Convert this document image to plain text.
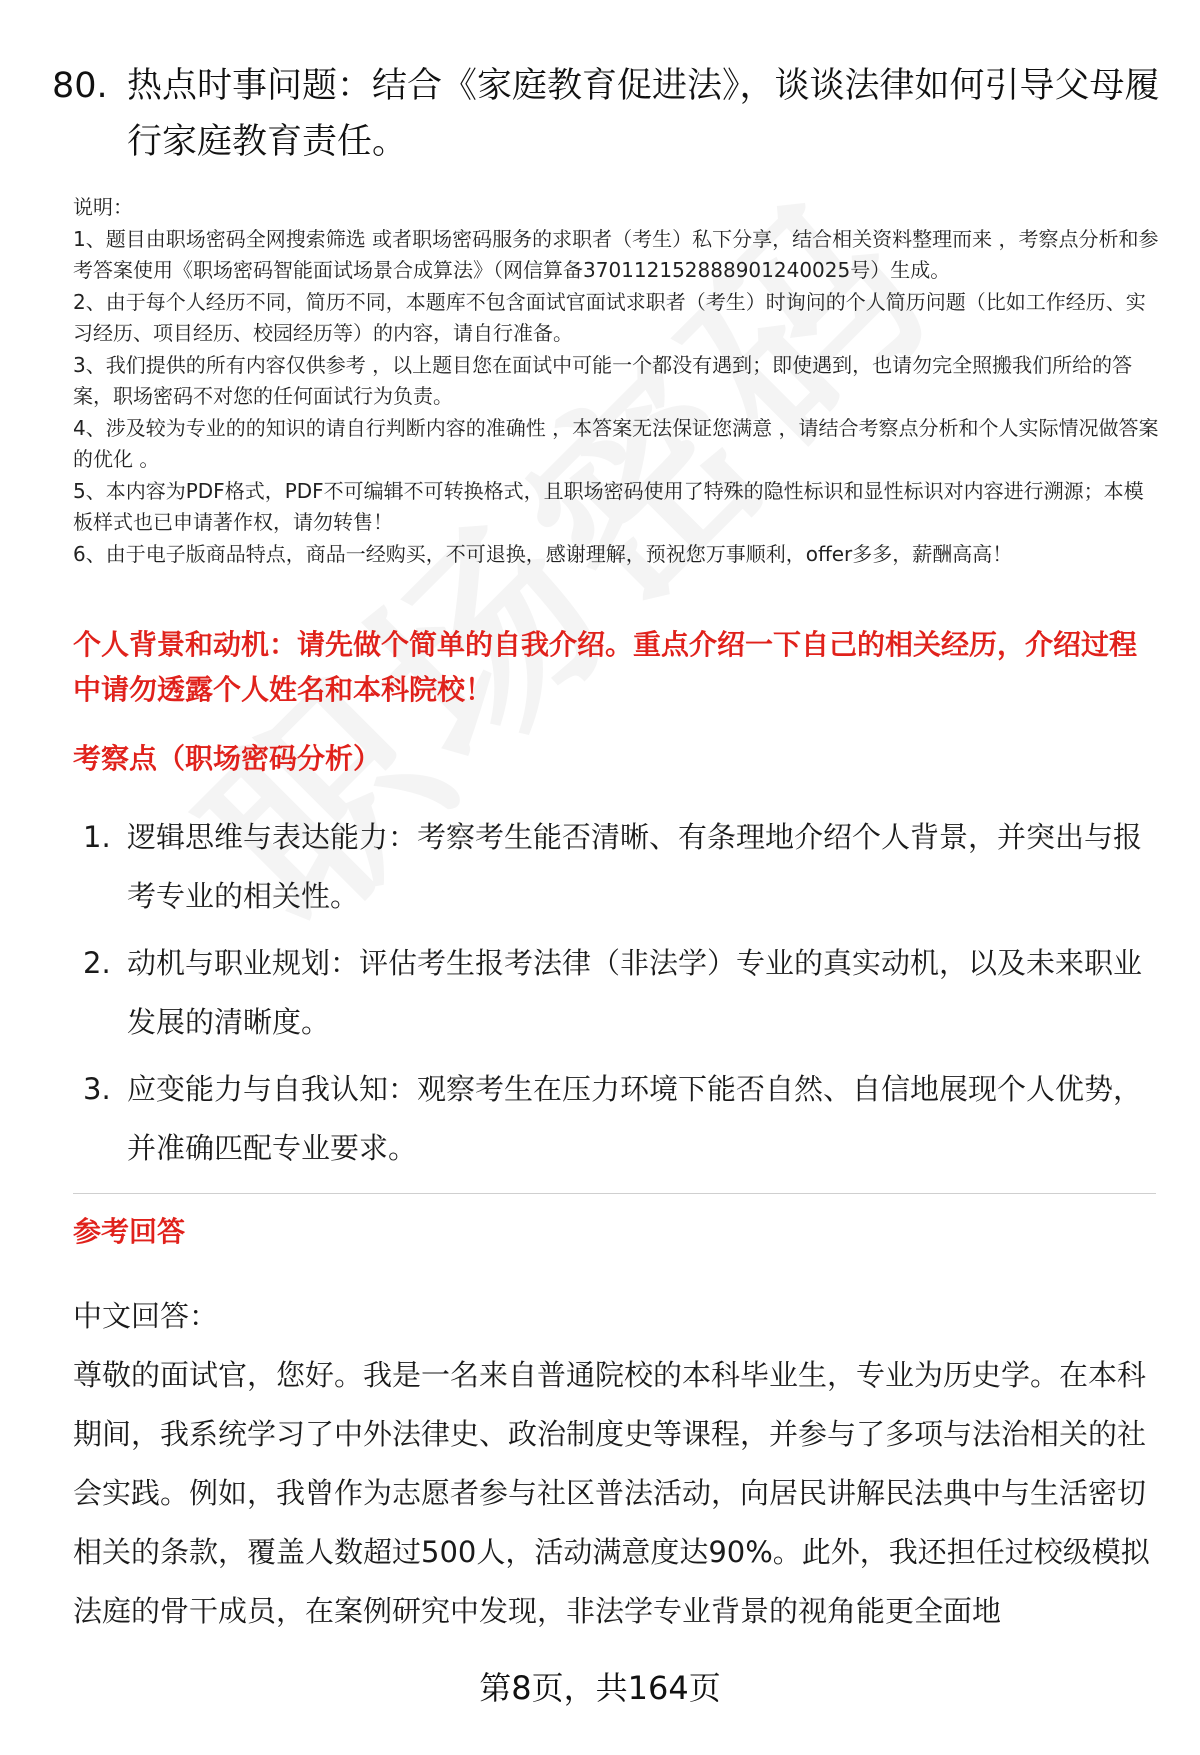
80. 热点时事问题：结合《家庭教育促进法》，谈谈法律如何引导父母履行家庭教育责任。

说明：

1、题目由职场密码全网搜索筛选 或者职场密码服务的求职者（考生）私下分享，结合相关资料整理而来 ，考察点分析和参考答案使用《职场密码智能面试场景合成算法》（网信算备370112152888901240025号）生成。

2、由于每个人经历不同，简历不同，本题库不包含面试官面试求职者（考生）时询问的个人简历问题（比如工作经历、实习经历、项目经历、校园经历等）的内容，请自行准备。

3、我们提供的所有内容仅供参考 ，以上题目您在面试中可能一个都没有遇到；即使遇到，也请勿完全照搬我们所给的答案，职场密码不对您的任何面试行为负责。

4、涉及较为专业的的知识的请自行判断内容的准确性 ，本答案无法保证您满意 ，请结合考察点分析和个人实际情况做答案的优化 。

5、本内容为PDF格式，PDF不可编辑不可转换格式，且职场密码使用了特殊的隐性标识和显性标识对内容进行溯源；本模板样式也已申请著作权，请勿转售！

6、由于电子版商品特点，商品一经购买，不可退换，感谢理解，预祝您万事顺利，offer多多，薪酬高高！

个人背景和动机：请先做个简单的自我介绍。重点介绍一下自己的相关经历，介绍过程中请勿透露个人姓名和本科院校！
考察点（职场密码分析）
1. 逻辑思维与表达能力：考察考生能否清晰、有条理地介绍个人背景，并突出与报考专业的相关性。
2. 动机与职业规划：评估考生报考法律（非法学）专业的真实动机，以及未来职业发展的清晰度。
3. 应变能力与自我认知：观察考生在压力环境下能否自然、自信地展现个人优势，并准确匹配专业要求。
参考回答

中文回答：

尊敬的面试官，您好。我是一名来自普通院校的本科毕业生，专业为历史学。在本科期间，我系统学习了中外法律史、政治制度史等课程，并参与了多项与法治相关的社会实践。例如，我曾作为志愿者参与社区普法活动，向居民讲解民法典中与生活密切相关的条款，覆盖人数超过500人，活动满意度达90%。此外，我还担任过校级模拟法庭的骨干成员，在案例研究中发现，非法学专业背景的视角能更全面地

第8页，共164页
